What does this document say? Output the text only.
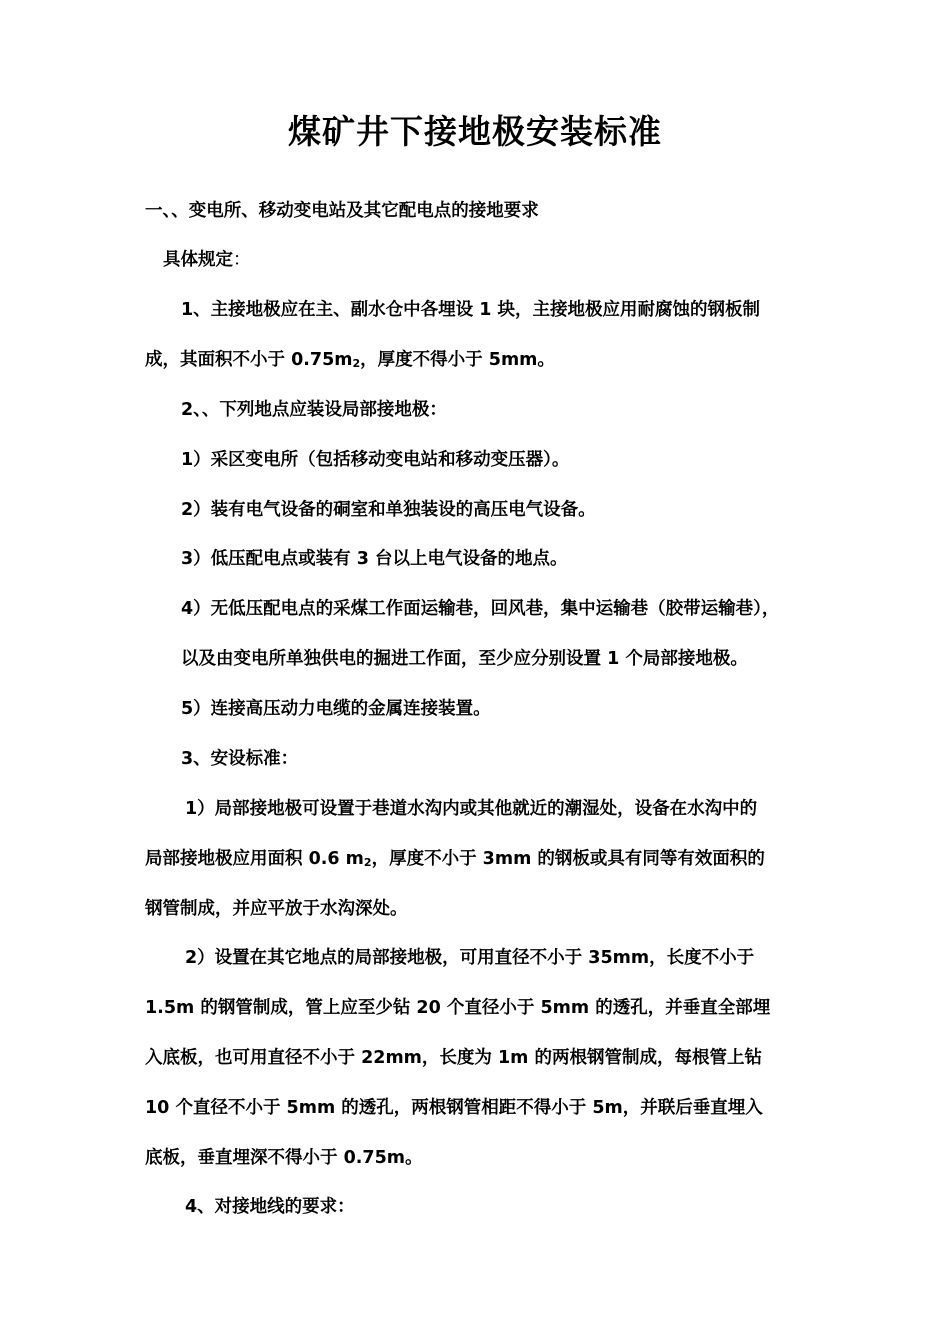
煤矿井下接地极安装标准
一、、变电所、移动变电站及其它配电点的接地要求
具体规定：
1、主接地极应在主、副水仓中各埋设 1 块，主接地极应用耐腐蚀的钢板制
成，其面积不小于 $0.75m_2$，厚度不得小于 5mm。
2、、下列地点应装设局部接地极：
1）采区变电所（包括移动变电站和移动变压器）。
2）装有电气设备的硐室和单独装设的高压电气设备。
3）低压配电点或装有 3 台以上电气设备的地点。
4）无低压配电点的采煤工作面运输巷，回风巷，集中运输巷（胶带运输巷），
以及由变电所单独供电的掘进工作面，至少应分别设置 1 个局部接地极。
5）连接高压动力电缆的金属连接装置。
3、安设标准：
1）局部接地极可设置于巷道水沟内或其他就近的潮湿处，设备在水沟中的
局部接地极应用面积 0.6 $m_2$，厚度不小于 3mm 的钢板或具有同等有效面积的
钢管制成，并应平放于水沟深处。
2）设置在其它地点的局部接地极，可用直径不小于 35mm，长度不小于
1.5m 的钢管制成，管上应至少钻 20 个直径小于 5mm 的透孔，并垂直全部埋
入底板，也可用直径不小于 22mm，长度为 1m 的两根钢管制成，每根管上钻
10 个直径不小于 5mm 的透孔，两根钢管相距不得小于 5m，并联后垂直埋入
底板，垂直埋深不得小于 0.75m。
4、对接地线的要求：
